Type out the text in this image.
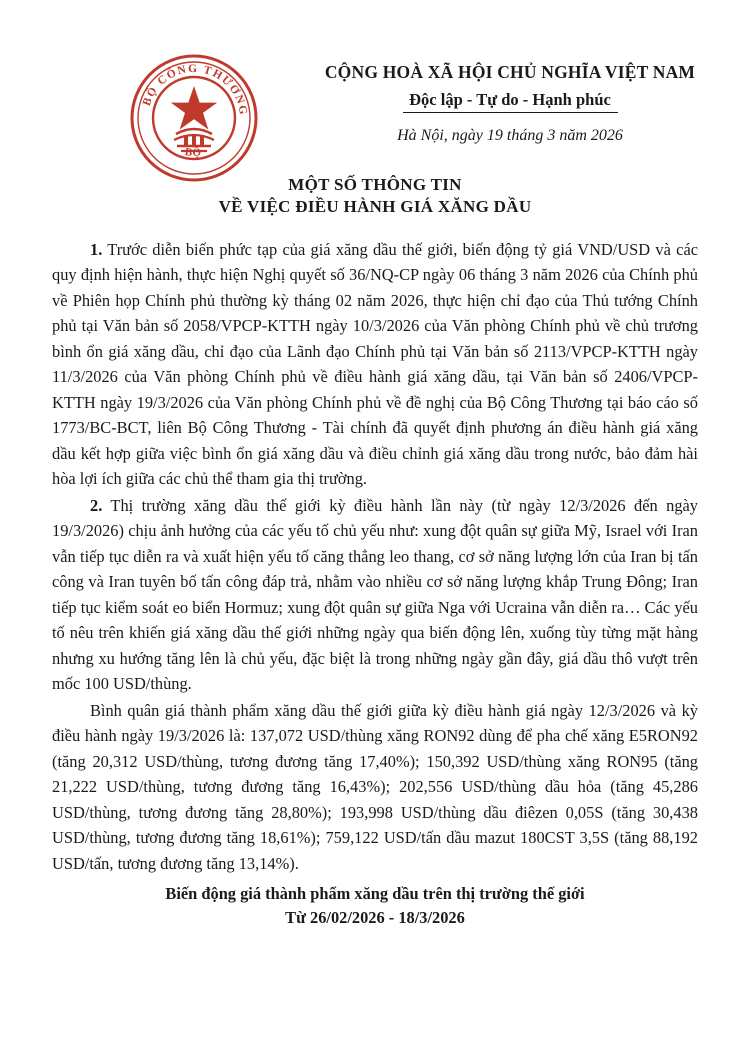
BỘ CÔNG THƯƠNG
BỘ
CỘNG HOÀ XÃ HỘI CHỦ NGHĨA VIỆT NAM
Độc lập - Tự do - Hạnh phúc
Hà Nội, ngày 19 tháng 3 năm 2026
MỘT SỐ THÔNG TIN
VỀ VIỆC ĐIỀU HÀNH GIÁ XĂNG DẦU

1. Trước diễn biến phức tạp của giá xăng dầu thế giới, biến động tỷ giá VND/USD và các quy định hiện hành, thực hiện Nghị quyết số 36/NQ-CP ngày 06 tháng 3 năm 2026 của Chính phủ về Phiên họp Chính phủ thường kỳ tháng 02 năm 2026, thực hiện chỉ đạo của Thủ tướng Chính phủ tại Văn bản số 2058/VPCP-KTTH ngày 10/3/2026 của Văn phòng Chính phủ về chủ trương bình ổn giá xăng dầu, chỉ đạo của Lãnh đạo Chính phủ tại Văn bản số 2113/VPCP-KTTH ngày 11/3/2026 của Văn phòng Chính phủ về điều hành giá xăng dầu, tại Văn bản số 2406/VPCP-KTTH ngày 19/3/2026 của Văn phòng Chính phủ về đề nghị của Bộ Công Thương tại báo cáo số 1773/BC-BCT, liên Bộ Công Thương - Tài chính đã quyết định phương án điều hành giá xăng dầu kết hợp giữa việc bình ổn giá xăng dầu và điều chỉnh giá xăng dầu trong nước, bảo đảm hài hòa lợi ích giữa các chủ thể tham gia thị trường.

2. Thị trường xăng dầu thế giới kỳ điều hành lần này (từ ngày 12/3/2026 đến ngày 19/3/2026) chịu ảnh hưởng của các yếu tố chủ yếu như: xung đột quân sự giữa Mỹ, Israel với Iran vẫn tiếp tục diễn ra và xuất hiện yếu tố căng thẳng leo thang, cơ sở năng lượng lớn của Iran bị tấn công và Iran tuyên bố tấn công đáp trả, nhằm vào nhiều cơ sở năng lượng khắp Trung Đông; Iran tiếp tục kiểm soát eo biển Hormuz; xung đột quân sự giữa Nga với Ucraina vẫn diễn ra… Các yếu tố nêu trên khiến giá xăng dầu thế giới những ngày qua biến động lên, xuống tùy từng mặt hàng nhưng xu hướng tăng lên là chủ yếu, đặc biệt là trong những ngày gần đây, giá dầu thô vượt trên mốc 100 USD/thùng.

Bình quân giá thành phẩm xăng dầu thế giới giữa kỳ điều hành giá ngày 12/3/2026 và kỳ điều hành ngày 19/3/2026 là: 137,072 USD/thùng xăng RON92 dùng để pha chế xăng E5RON92 (tăng 20,312 USD/thùng, tương đương tăng 17,40%); 150,392 USD/thùng xăng RON95 (tăng 21,222 USD/thùng, tương đương tăng 16,43%); 202,556 USD/thùng dầu hỏa (tăng 45,286 USD/thùng, tương đương tăng 28,80%); 193,998 USD/thùng dầu điêzen 0,05S (tăng 30,438 USD/thùng, tương đương tăng 18,61%); 759,122 USD/tấn dầu mazut 180CST 3,5S (tăng 88,192 USD/tấn, tương đương tăng 13,14%).

Biến động giá thành phẩm xăng dầu trên thị trường thế giới
Từ 26/02/2026 - 18/3/2026
